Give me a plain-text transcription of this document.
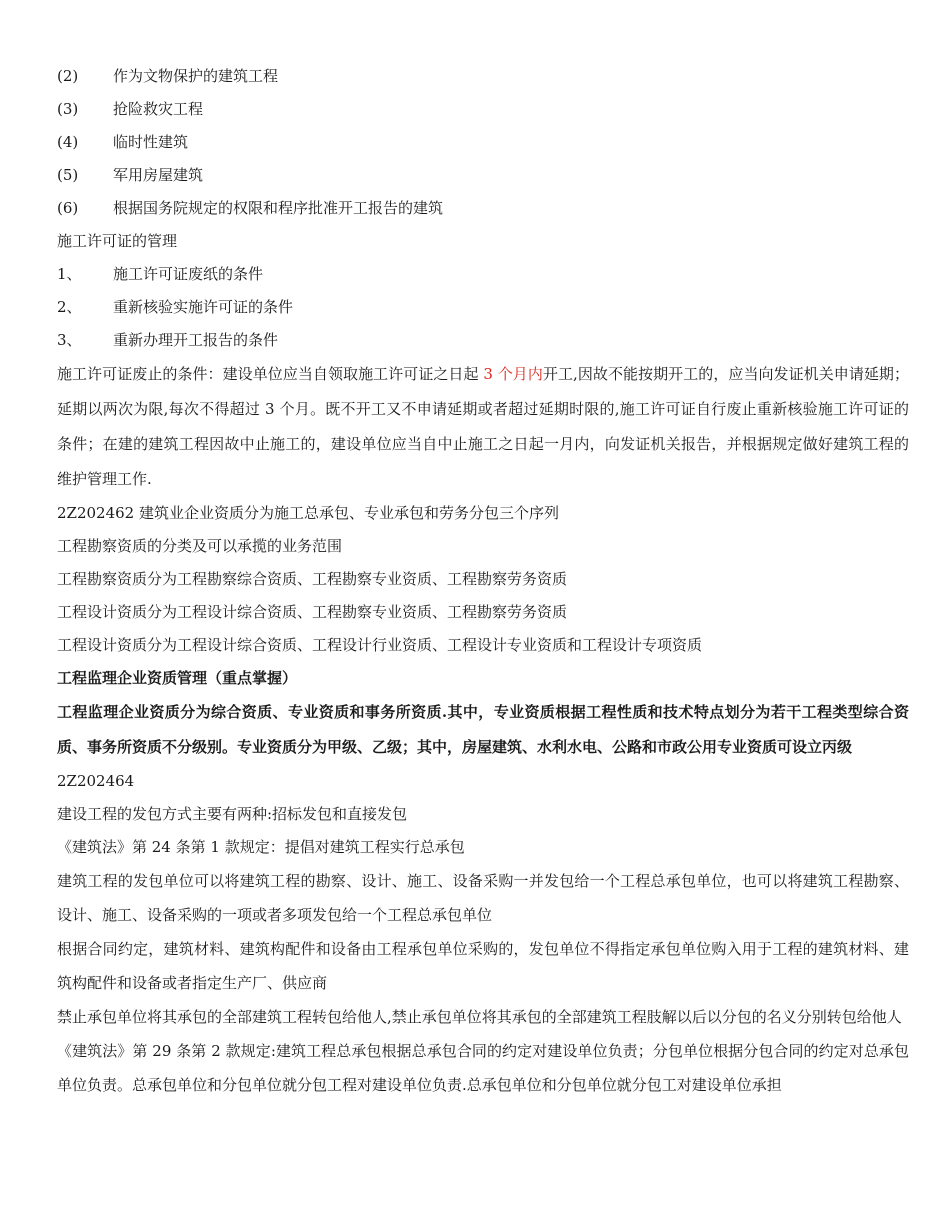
(2) 作为文物保护的建筑工程
(3) 抢险救灾工程
(4) 临时性建筑
(5) 军用房屋建筑
(6) 根据国务院规定的权限和程序批准开工报告的建筑
施工许可证的管理
1、 施工许可证废纸的条件
2、 重新核验实施许可证的条件
3、 重新办理开工报告的条件

施工许可证废止的条件：建设单位应当自领取施工许可证之日起 3 个月内开工,因故不能按期开工的，应当向发证机关申请延期；延期以两次为限,每次不得超过 3 个月。既不开工又不申请延期或者超过延期时限的,施工许可证自行废止重新核验施工许可证的条件；在建的建筑工程因故中止施工的，建设单位应当自中止施工之日起一月内，向发证机关报告，并根据规定做好建筑工程的维护管理工作.

2Z202462 建筑业企业资质分为施工总承包、专业承包和劳务分包三个序列
工程勘察资质的分类及可以承揽的业务范围
工程勘察资质分为工程勘察综合资质、工程勘察专业资质、工程勘察劳务资质
工程设计资质分为工程设计综合资质、工程勘察专业资质、工程勘察劳务资质
工程设计资质分为工程设计综合资质、工程设计行业资质、工程设计专业资质和工程设计专项资质
工程监理企业资质管理（重点掌握）

工程监理企业资质分为综合资质、专业资质和事务所资质.其中，专业资质根据工程性质和技术特点划分为若干工程类型综合资质、事务所资质不分级别。专业资质分为甲级、乙级；其中，房屋建筑、水利水电、公路和市政公用专业资质可设立丙级

2Z202464
建设工程的发包方式主要有两种:招标发包和直接发包
《建筑法》第 24 条第 1 款规定：提倡对建筑工程实行总承包

建筑工程的发包单位可以将建筑工程的勘察、设计、施工、设备采购一并发包给一个工程总承包单位，也可以将建筑工程勘察、设计、施工、设备采购的一项或者多项发包给一个工程总承包单位

根据合同约定，建筑材料、建筑构配件和设备由工程承包单位采购的，发包单位不得指定承包单位购入用于工程的建筑材料、建筑构配件和设备或者指定生产厂、供应商

禁止承包单位将其承包的全部建筑工程转包给他人,禁止承包单位将其承包的全部建筑工程肢解以后以分包的名义分别转包给他人

《建筑法》第 29 条第 2 款规定:建筑工程总承包根据总承包合同的约定对建设单位负责；分包单位根据分包合同的约定对总承包单位负责。总承包单位和分包单位就分包工程对建设单位负责.总承包单位和分包单位就分包工对建设单位承担
